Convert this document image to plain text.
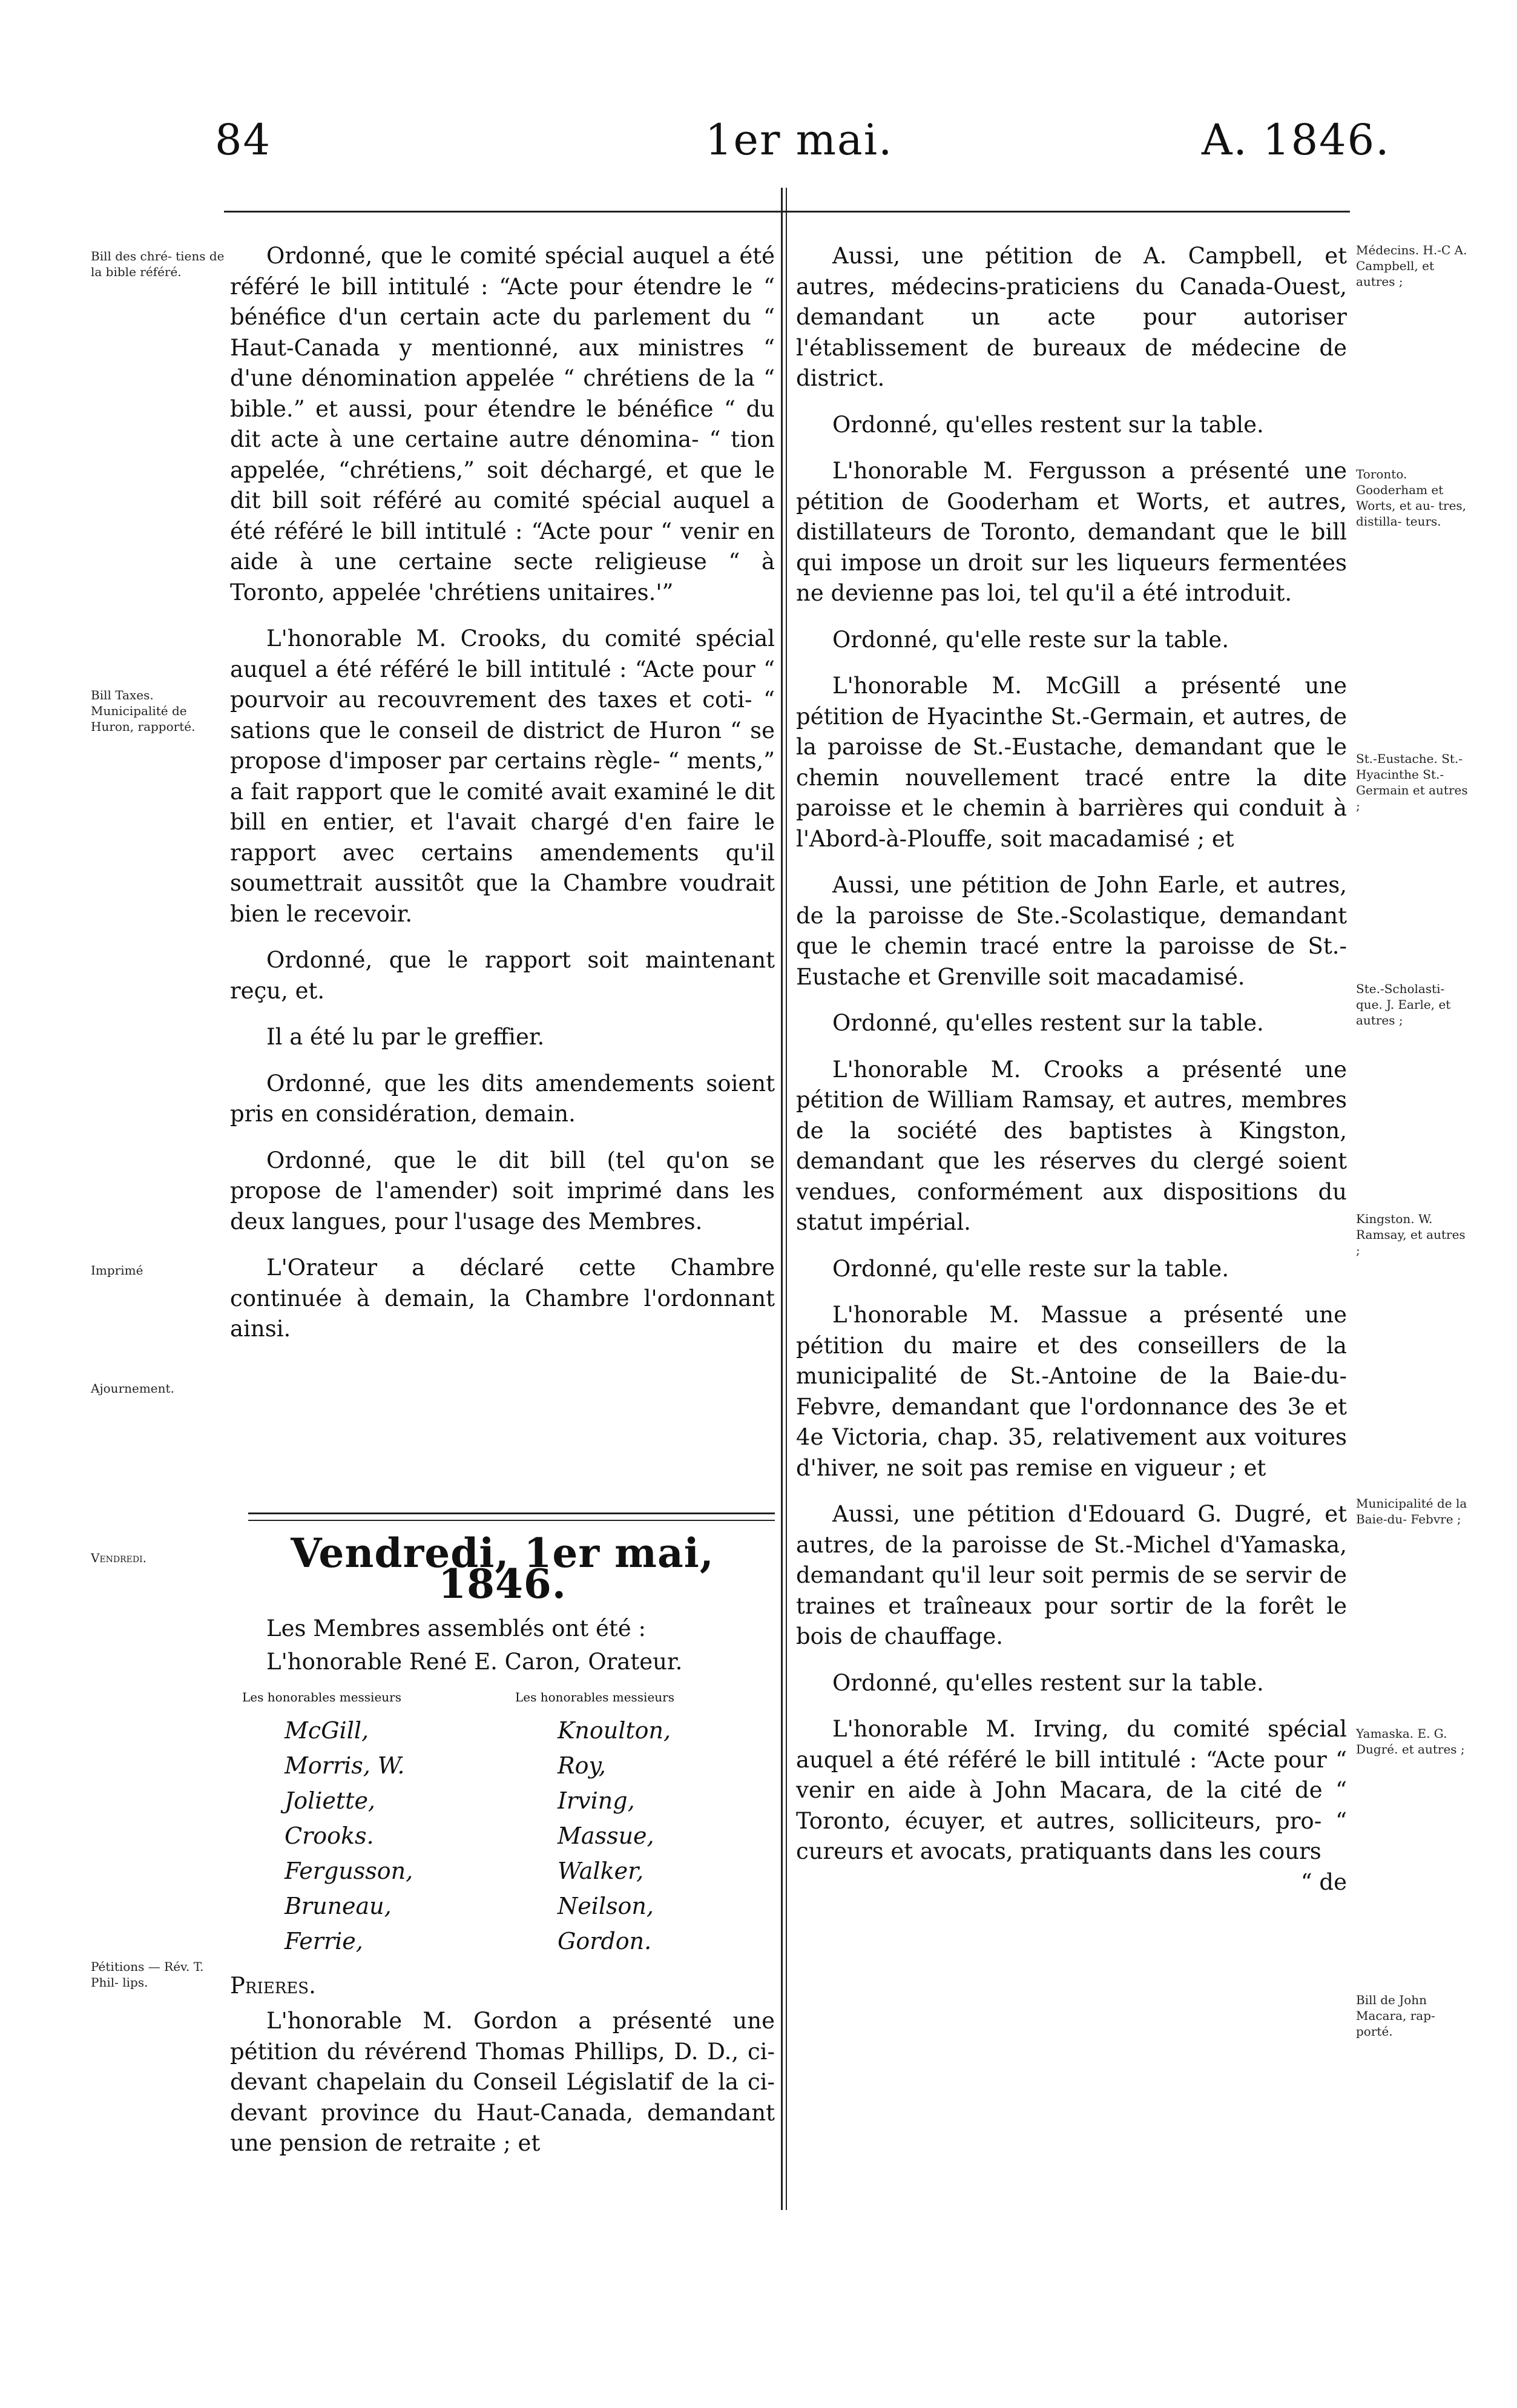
84	1er mai.	A. 1846.
Bill des chré- tiens de la bible référé.
Bill Taxes. Municipalité de Huron, rapporté.
Imprimé
Ajournement.
Vendredi.
Pétitions — Rév. T. Phil- lips.

Ordonné, que le comité spécial auquel a été référé le bill intitulé : “Acte pour étendre le “ bénéfice d'un certain acte du parlement du “ Haut-Canada y mentionné, aux ministres “ d'une dénomination appelée “ chrétiens de la “ bible.” et aussi, pour étendre le bénéfice “ du dit acte à une certaine autre dénomina- “ tion appelée, “chrétiens,” soit déchargé, et que le dit bill soit référé au comité spécial auquel a été référé le bill intitulé : “Acte pour “ venir en aide à une certaine secte religieuse “ à Toronto, appelée 'chrétiens unitaires.'”

L'honorable M. Crooks, du comité spécial auquel a été référé le bill intitulé : “Acte pour “ pourvoir au recouvrement des taxes et coti- “ sations que le conseil de district de Huron “ se propose d'imposer par certains règle- “ ments,” a fait rapport que le comité avait examiné le dit bill en entier, et l'avait chargé d'en faire le rapport avec certains amendements qu'il soumettrait aussitôt que la Chambre voudrait bien le recevoir.

Ordonné, que le rapport soit maintenant reçu, et.

Il a été lu par le greffier.

Ordonné, que les dits amendements soient pris en considération, demain.

Ordonné, que le dit bill (tel qu'on se propose de l'amender) soit imprimé dans les deux langues, pour l'usage des Membres.

L'Orateur a déclaré cette Chambre continuée à demain, la Chambre l'ordonnant ainsi.

Vendredi, 1er mai, 1846.

Les Membres assemblés ont été :

L'honorable René E. Caron, Orateur.

Les honorables messieurs
McGill,
Morris, W.
Joliette,
Crooks.
Fergusson,
Bruneau,
Ferrie,
Les honorables messieurs
Knoulton,
Roy,
Irving,
Massue,
Walker,
Neilson,
Gordon.

Prieres.

L'honorable M. Gordon a présenté une pétition du révérend Thomas Phillips, D. D., ci-devant chapelain du Conseil Législatif de la ci-devant province du Haut-Canada, demandant une pension de retraite ; et

Aussi, une pétition de A. Campbell, et autres, médecins-praticiens du Canada-Ouest, demandant un acte pour autoriser l'établissement de bureaux de médecine de district.

Ordonné, qu'elles restent sur la table.

L'honorable M. Fergusson a présenté une pétition de Gooderham et Worts, et autres, distillateurs de Toronto, demandant que le bill qui impose un droit sur les liqueurs fermentées ne devienne pas loi, tel qu'il a été introduit.

Ordonné, qu'elle reste sur la table.

L'honorable M. McGill a présenté une pétition de Hyacinthe St.-Germain, et autres, de la paroisse de St.-Eustache, demandant que le chemin nouvellement tracé entre la dite paroisse et le chemin à barrières qui conduit à l'Abord-à-Plouffe, soit macadamisé ; et

Aussi, une pétition de John Earle, et autres, de la paroisse de Ste.-Scolastique, demandant que le chemin tracé entre la paroisse de St.-Eustache et Grenville soit macadamisé.

Ordonné, qu'elles restent sur la table.

L'honorable M. Crooks a présenté une pétition de William Ramsay, et autres, membres de la société des baptistes à Kingston, demandant que les réserves du clergé soient vendues, conformément aux dispositions du statut impérial.

Ordonné, qu'elle reste sur la table.

L'honorable M. Massue a présenté une pétition du maire et des conseillers de la municipalité de St.-Antoine de la Baie-du-Febvre, demandant que l'ordonnance des 3e et 4e Victoria, chap. 35, relativement aux voitures d'hiver, ne soit pas remise en vigueur ; et

Aussi, une pétition d'Edouard G. Dugré, et autres, de la paroisse de St.-Michel d'Yamaska, demandant qu'il leur soit permis de se servir de traines et traîneaux pour sortir de la forêt le bois de chauffage.

Ordonné, qu'elles restent sur la table.

L'honorable M. Irving, du comité spécial auquel a été référé le bill intitulé : “Acte pour “ venir en aide à John Macara, de la cité de “ Toronto, écuyer, et autres, solliciteurs, pro- “ cureurs et avocats, pratiquants dans les cours

“ de

Médecins. H.-C A. Campbell, et autres ;
Toronto. Gooderham et Worts, et au- tres, distilla- teurs.
St.-Eustache. St.-Hyacinthe St.-Germain et autres ;
Ste.-Scholasti- que. J. Earle, et autres ;
Kingston. W. Ramsay, et autres ;
Municipalité de la Baie-du- Febvre ;
Yamaska. E. G. Dugré. et autres ;
Bill de John Macara, rap- porté.
